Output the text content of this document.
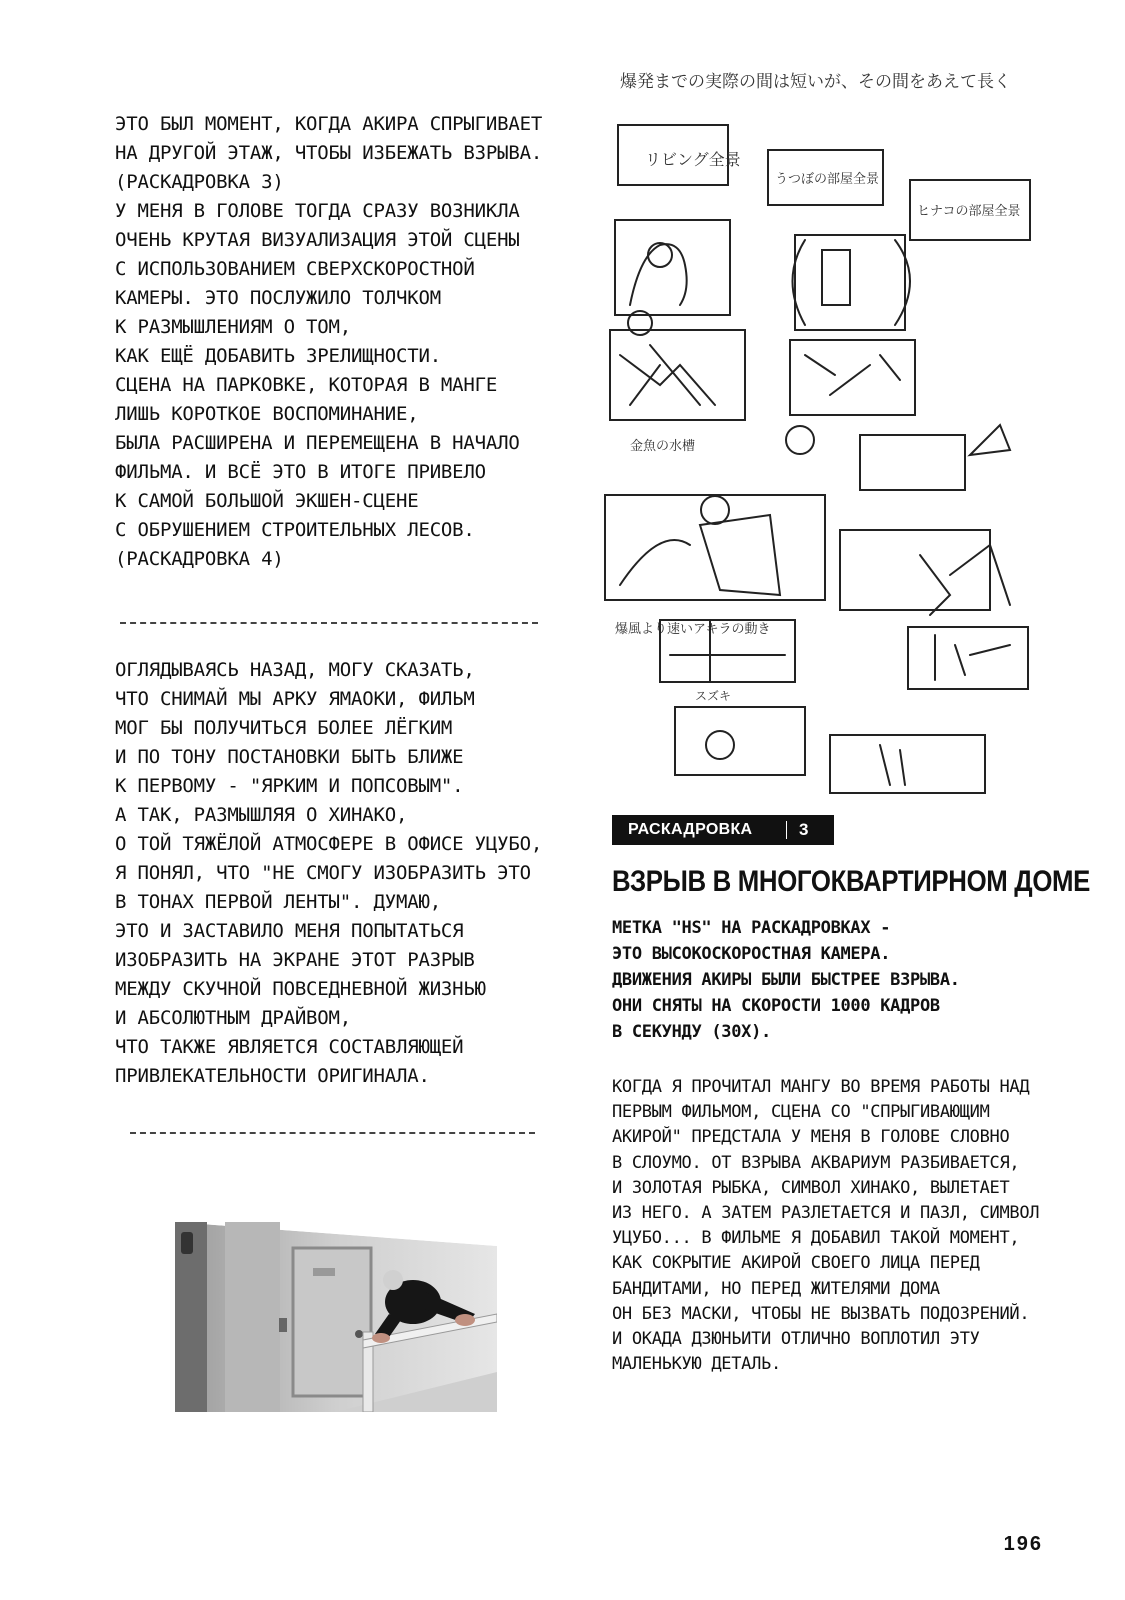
ЭТО БЫЛ МОМЕНТ, КОГДА АКИРА СПРЫГИВАЕТ
НА ДРУГОЙ ЭТАЖ, ЧТОБЫ ИЗБЕЖАТЬ ВЗРЫВА.
(РАСКАДРОВКА 3)
У МЕНЯ В ГОЛОВЕ ТОГДА СРАЗУ ВОЗНИКЛА
ОЧЕНЬ КРУТАЯ ВИЗУАЛИЗАЦИЯ ЭТОЙ СЦЕНЫ
С ИСПОЛЬЗОВАНИЕМ СВЕРХСКОРОСТНОЙ
КАМЕРЫ. ЭТО ПОСЛУЖИЛО ТОЛЧКОМ
К РАЗМЫШЛЕНИЯМ О ТОМ,
КАК ЕЩЁ ДОБАВИТЬ ЗРЕЛИЩНОСТИ.
СЦЕНА НА ПАРКОВКЕ, КОТОРАЯ В МАНГЕ
ЛИШЬ КОРОТКОЕ ВОСПОМИНАНИЕ,
БЫЛА РАСШИРЕНА И ПЕРЕМЕЩЕНА В НАЧАЛО
ФИЛЬМА. И ВСЁ ЭТО В ИТОГЕ ПРИВЕЛО
К САМОЙ БОЛЬШОЙ ЭКШЕН-СЦЕНЕ
С ОБРУШЕНИЕМ СТРОИТЕЛЬНЫХ ЛЕСОВ.
(РАСКАДРОВКА 4)

ОГЛЯДЫВАЯСЬ НАЗАД, МОГУ СКАЗАТЬ,
ЧТО СНИМАЙ МЫ АРКУ ЯМАОКИ, ФИЛЬМ
МОГ БЫ ПОЛУЧИТЬСЯ БОЛЕЕ ЛЁГКИМ
И ПО ТОНУ ПОСТАНОВКИ БЫТЬ БЛИЖЕ
К ПЕРВОМУ - "ЯРКИМ И ПОПСОВЫМ".
А ТАК, РАЗМЫШЛЯЯ О ХИНАКО,
О ТОЙ ТЯЖЁЛОЙ АТМОСФЕРЕ В ОФИСЕ УЦУБО,
Я ПОНЯЛ, ЧТО "НЕ СМОГУ ИЗОБРАЗИТЬ ЭТО
В ТОНАХ ПЕРВОЙ ЛЕНТЫ". ДУМАЮ,
ЭТО И ЗАСТАВИЛО МЕНЯ ПОПЫТАТЬСЯ
ИЗОБРАЗИТЬ НА ЭКРАНЕ ЭТОТ РАЗРЫВ
МЕЖДУ СКУЧНОЙ ПОВСЕДНЕВНОЙ ЖИЗНЬЮ
И АБСОЛЮТНЫМ ДРАЙВОМ,
ЧТО ТАКЖЕ ЯВЛЯЕТСЯ СОСТАВЛЯЮЩЕЙ
ПРИВЛЕКАТЕЛЬНОСТИ ОРИГИНАЛА.

爆発までの実際の間は短いが、その間をあえて長く
リビング全景
うつぼの部屋全景
ヒナコの部屋全景
金魚の水槽
爆風より速いアキラの動き
スズキ
РАСКАДРОВКА	3
ВЗРЫВ В МНОГОКВАРТИРНОМ ДОМЕ

МЕТКА "HS" НА РАСКАДРОВКАХ -
ЭТО ВЫСОКОСКОРОСТНАЯ КАМЕРА.
ДВИЖЕНИЯ АКИРЫ БЫЛИ БЫСТРЕЕ ВЗРЫВА.
ОНИ СНЯТЫ НА СКОРОСТИ 1000 КАДРОВ
В СЕКУНДУ (30Х).

КОГДА Я ПРОЧИТАЛ МАНГУ ВО ВРЕМЯ РАБОТЫ НАД
ПЕРВЫМ ФИЛЬМОМ, СЦЕНА СО "СПРЫГИВАЮЩИМ
АКИРОЙ" ПРЕДСТАЛА У МЕНЯ В ГОЛОВЕ СЛОВНО
В СЛОУМО. ОТ ВЗРЫВА АКВАРИУМ РАЗБИВАЕТСЯ,
И ЗОЛОТАЯ РЫБКА, СИМВОЛ ХИНАКО, ВЫЛЕТАЕТ
ИЗ НЕГО. А ЗАТЕМ РАЗЛЕТАЕТСЯ И ПАЗЛ, СИМВОЛ
УЦУБО... В ФИЛЬМЕ Я ДОБАВИЛ ТАКОЙ МОМЕНТ,
КАК СОКРЫТИЕ АКИРОЙ СВОЕГО ЛИЦА ПЕРЕД
БАНДИТАМИ, НО ПЕРЕД ЖИТЕЛЯМИ ДОМА
ОН БЕЗ МАСКИ, ЧТОБЫ НЕ ВЫЗВАТЬ ПОДОЗРЕНИЙ.
И ОКАДА ДЗЮНЬИТИ ОТЛИЧНО ВОПЛОТИЛ ЭТУ
МАЛЕНЬКУЮ ДЕТАЛЬ.

196
